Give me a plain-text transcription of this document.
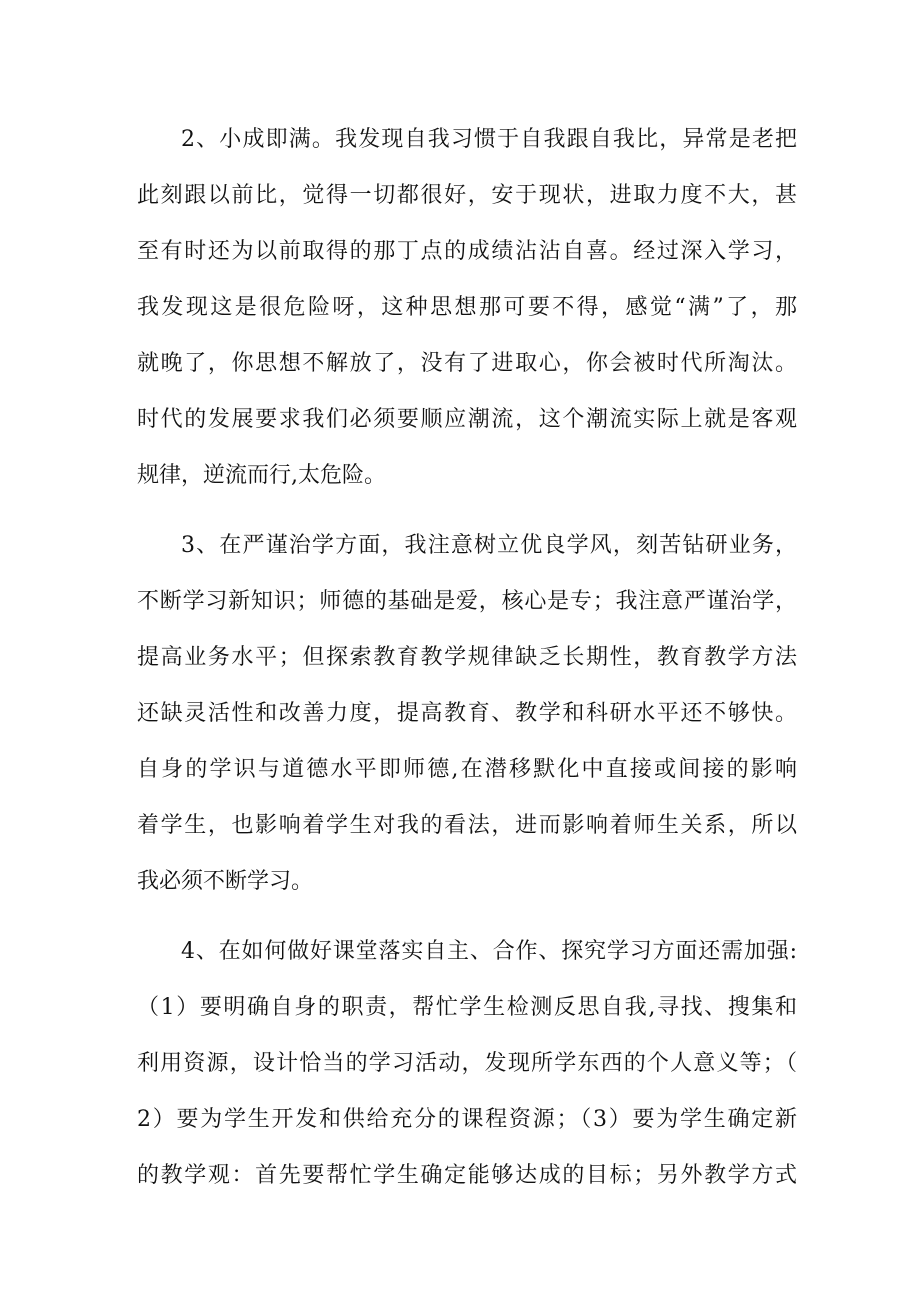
2、小成即满。我发现自我习惯于自我跟自我比，异常是老把
此刻跟以前比，觉得一切都很好，安于现状，进取力度不大，甚
至有时还为以前取得的那丁点的成绩沾沾自喜。经过深入学习，
我发现这是很危险呀，这种思想那可要不得，感觉“满”了，那
就晚了，你思想不解放了，没有了进取心，你会被时代所淘汰。
时代的发展要求我们必须要顺应潮流，这个潮流实际上就是客观
规律，逆流而行,太危险。
3、在严谨治学方面，我注意树立优良学风，刻苦钻研业务，
不断学习新知识；师德的基础是爱，核心是专；我注意严谨治学，
提高业务水平；但探索教育教学规律缺乏长期性，教育教学方法
还缺灵活性和改善力度，提高教育、教学和科研水平还不够快。
自身的学识与道德水平即师德,在潜移默化中直接或间接的影响
着学生，也影响着学生对我的看法，进而影响着师生关系，所以
我必须不断学习。
4、在如何做好课堂落实自主、合作、探究学习方面还需加强:
（1）要明确自身的职责，帮忙学生检测反思自我,寻找、搜集和
利用资源，设计恰当的学习活动，发现所学东西的个人意义等；（
2）要为学生开发和供给充分的课程资源；（3）要为学生确定新
的教学观：首先要帮忙学生确定能够达成的目标；另外教学方式
